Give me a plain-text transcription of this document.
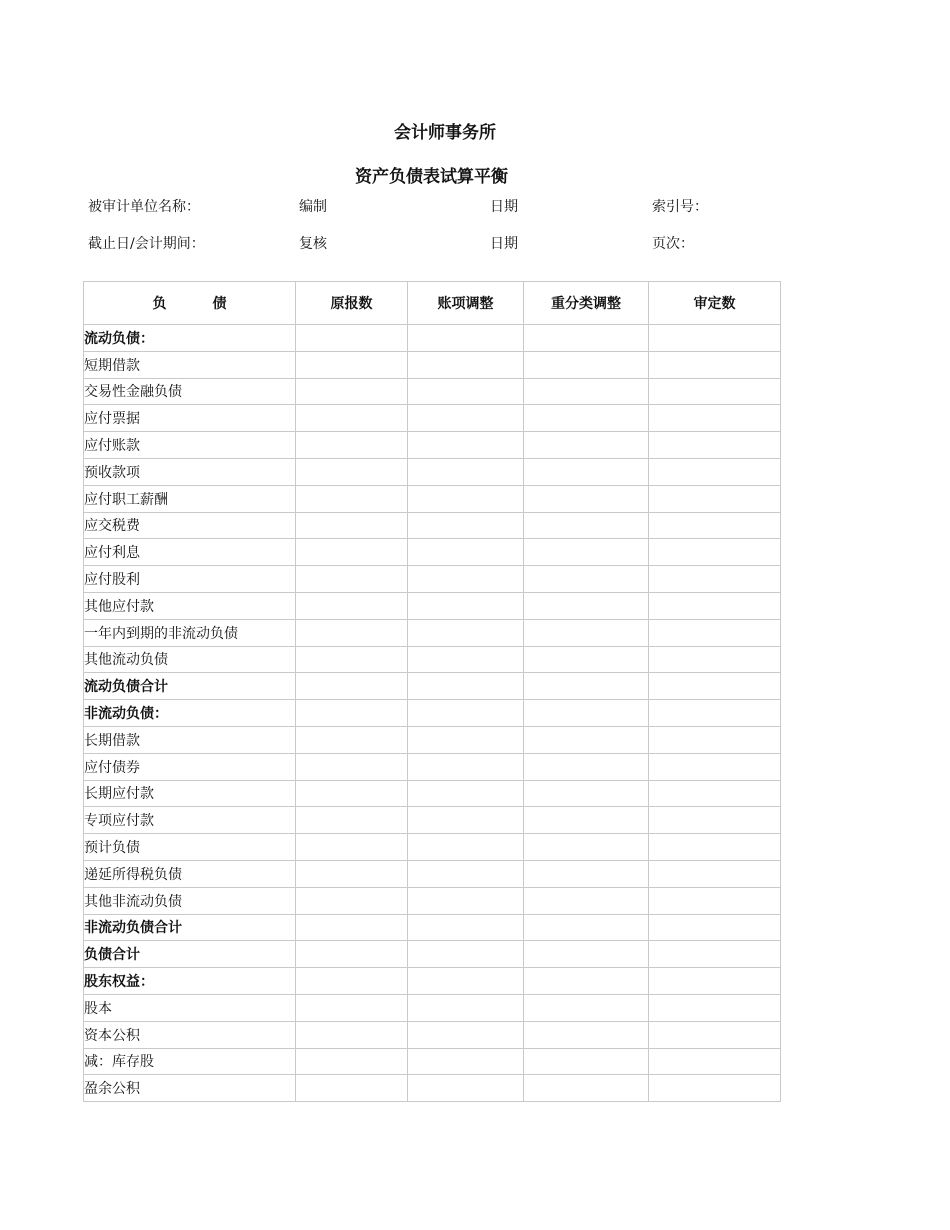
会计师事务所
资产负债表试算平衡
被审计单位名称：	编制	日期	索引号：
截止日/会计期间：	复核	日期	页次：
负 债	原报数	账项调整	重分类调整	审定数
流动负债：				
短期借款				
交易性金融负债				
应付票据				
应付账款				
预收款项				
应付职工薪酬				
应交税费				
应付利息				
应付股利				
其他应付款				
一年内到期的非流动负债				
其他流动负债				
流动负债合计				
非流动负债：				
长期借款				
应付债券				
长期应付款				
专项应付款				
预计负债				
递延所得税负债				
其他非流动负债				
非流动负债合计				
负债合计				
股东权益：				
股本				
资本公积				
减：库存股				
盈余公积				
